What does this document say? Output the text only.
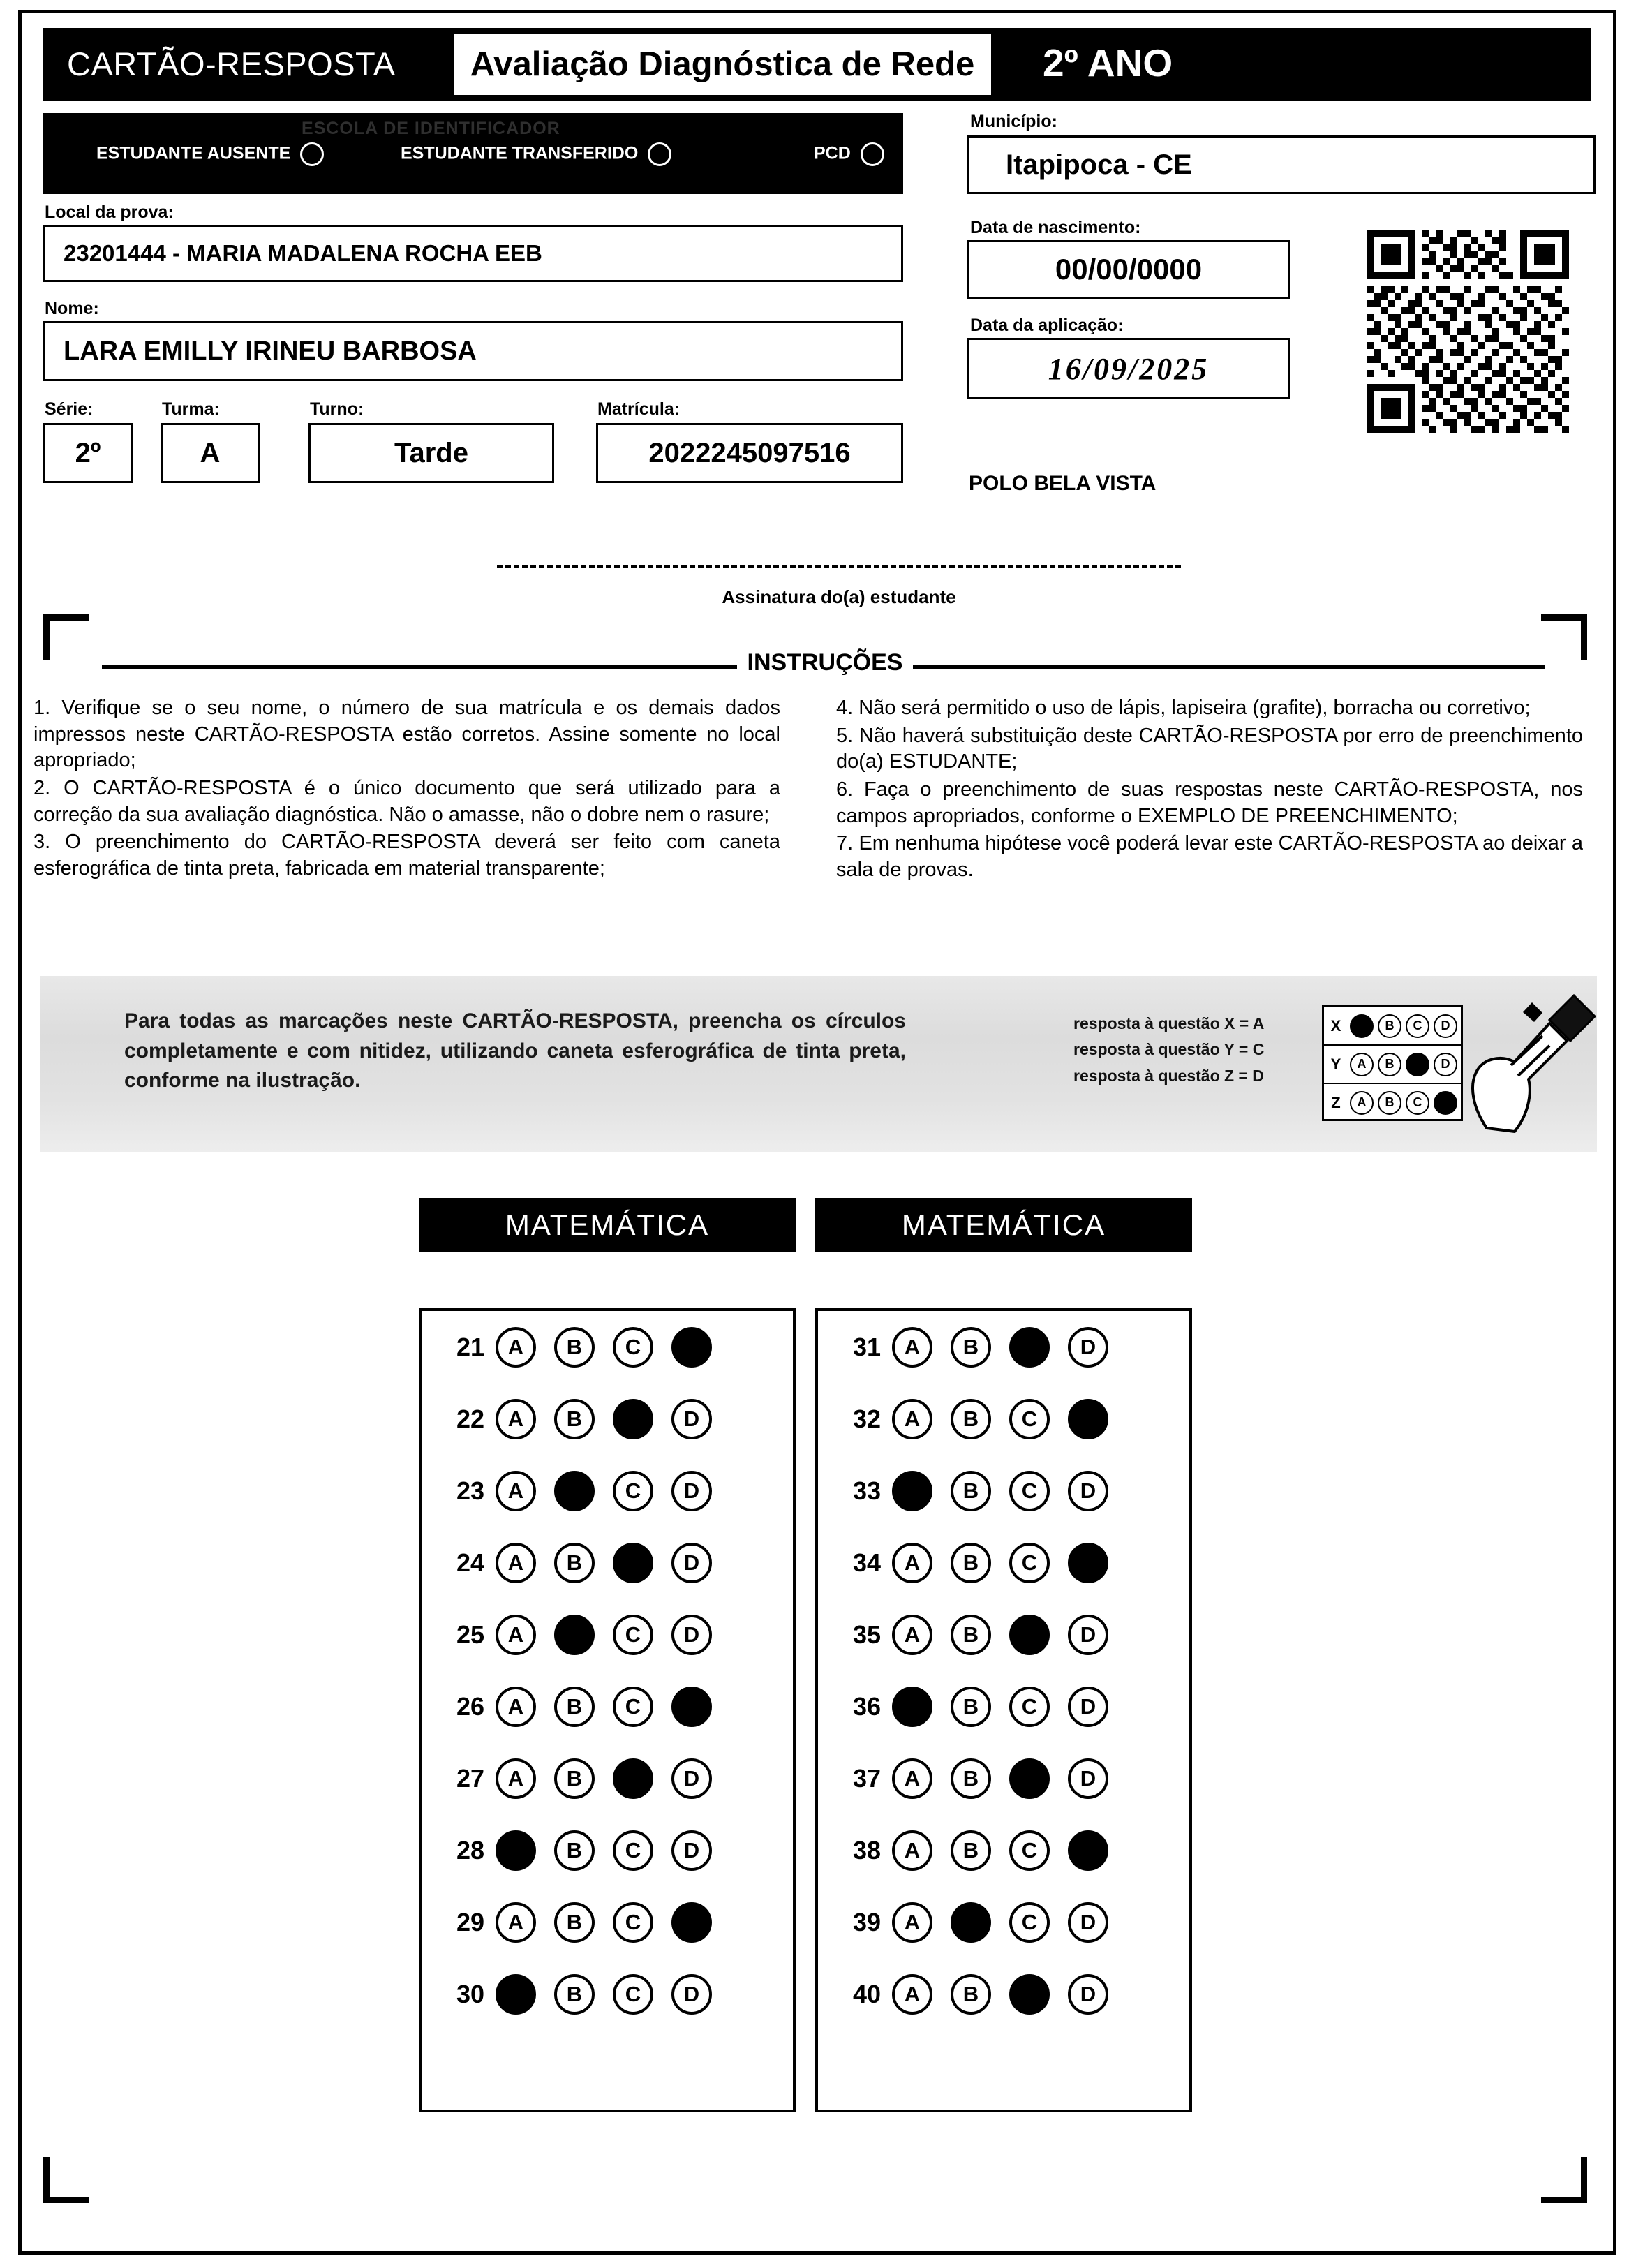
CARTÃO-RESPOSTA	Avaliação Diagnóstica de Rede	2º ANO
ESCOLA DE IDENTIFICADOR
ESTUDANTE AUSENTE	ESTUDANTE TRANSFERIDO	PCD
Local da prova:
23201444 - MARIA MADALENA ROCHA EEB
Nome:
LARA EMILLY IRINEU BARBOSA
Série:
2º
Turma:
A
Turno:
Tarde
Matrícula:
2022245097516
Município:
Itapipoca - CE
Data de nascimento:
00/00/0000
Data da aplicação:
16/09/2025
POLO BELA VISTA
Assinatura do(a) estudante
INSTRUÇÕES

1. Verifique se o seu nome, o número de sua matrícula e os demais dados impressos neste CARTÃO-RESPOSTA estão corretos. Assine somente no local apropriado;

2. O CARTÃO-RESPOSTA é o único documento que será utilizado para a correção da sua avaliação diagnóstica. Não o amasse, não o dobre nem o rasure;

3. O preenchimento do CARTÃO-RESPOSTA deverá ser feito com caneta esferográfica de tinta preta, fabricada em material transparente;

4. Não será permitido o uso de lápis, lapiseira (grafite), borracha ou corretivo;

5. Não haverá substituição deste CARTÃO-RESPOSTA por erro de preenchimento do(a) ESTUDANTE;

6. Faça o preenchimento de suas respostas neste CARTÃO-RESPOSTA, nos campos apropriados, conforme o EXEMPLO DE PREENCHIMENTO;

7. Em nenhuma hipótese você poderá levar este CARTÃO-RESPOSTA ao deixar a sala de provas.

Para todas as marcações neste CARTÃO-RESPOSTA, preencha os círculos completamente e com nitidez, utilizando caneta esferográfica de tinta preta, conforme na ilustração.
resposta à questão X = A
resposta à questão Y = C
resposta à questão Z = D
X	A	B	C	D
Y	A	B	C	D
Z	A	B	C	D
MATEMÁTICA
21	A	B	C	D
22	A	B	C	D
23	A	B	C	D
24	A	B	C	D
25	A	B	C	D
26	A	B	C	D
27	A	B	C	D
28	A	B	C	D
29	A	B	C	D
30	A	B	C	D
MATEMÁTICA
31	A	B	C	D
32	A	B	C	D
33	A	B	C	D
34	A	B	C	D
35	A	B	C	D
36	A	B	C	D
37	A	B	C	D
38	A	B	C	D
39	A	B	C	D
40	A	B	C	D
